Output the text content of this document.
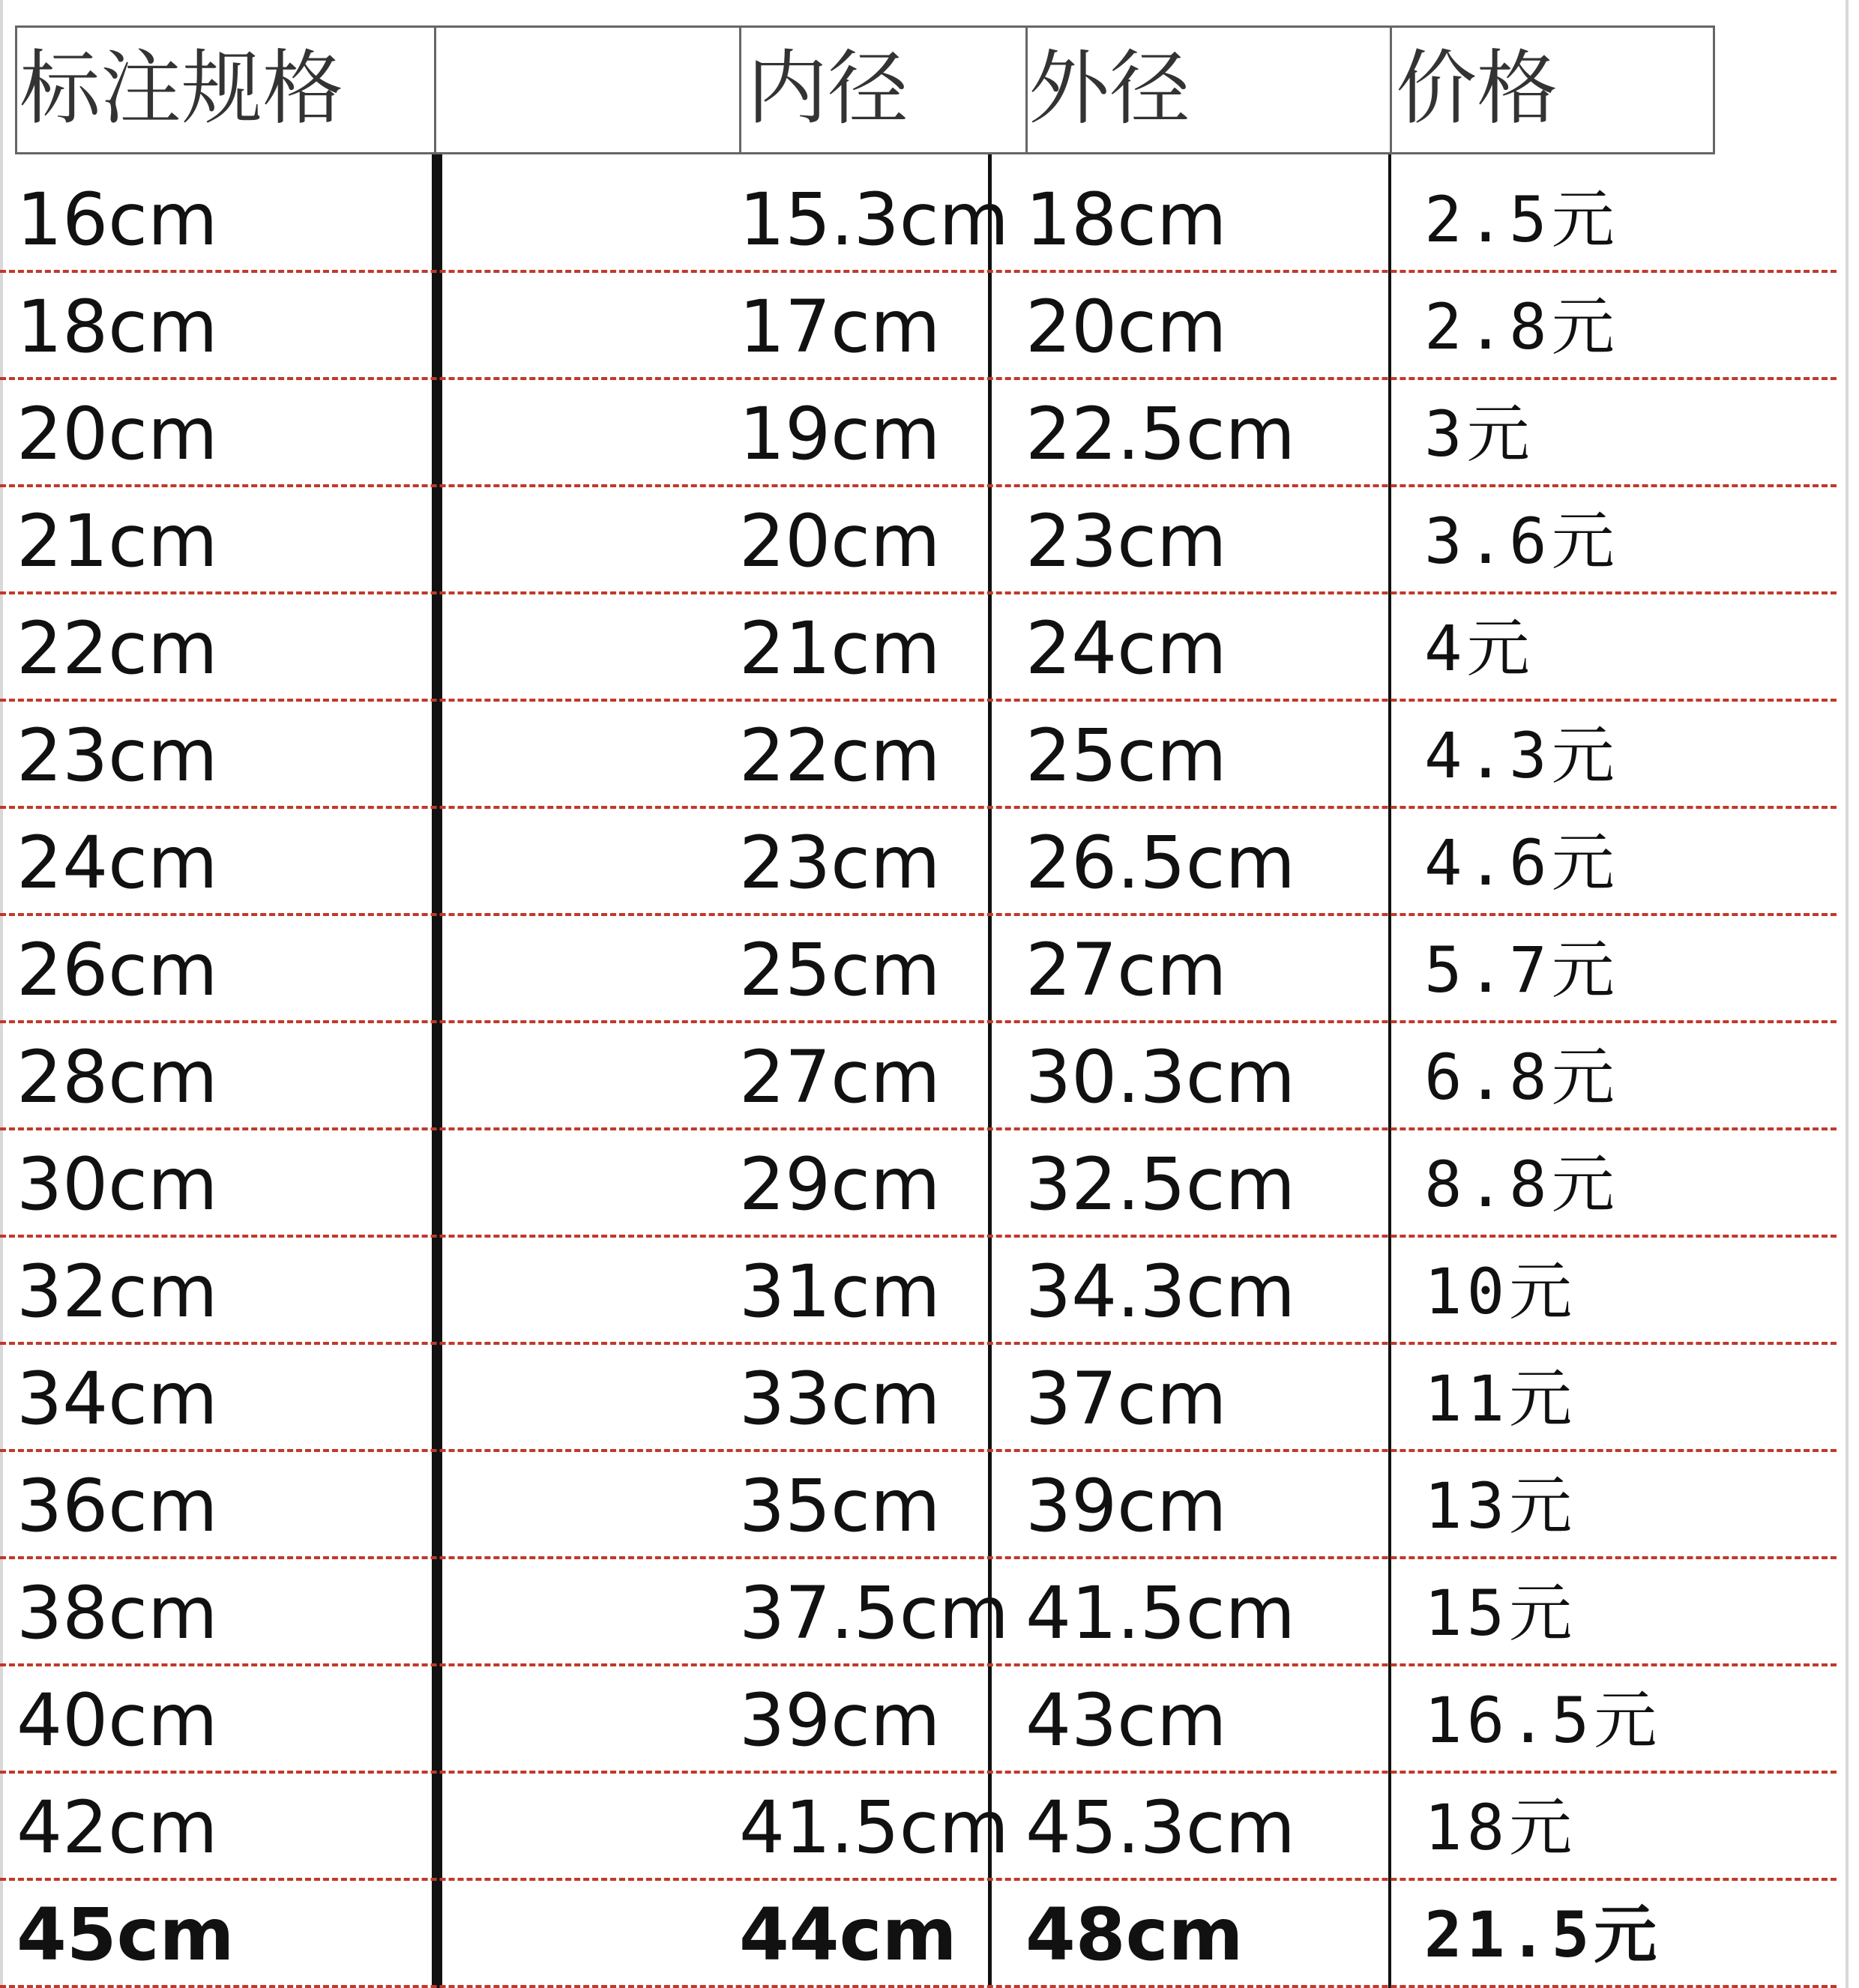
标注规格	内径 外径	价格
16cm	15.3cm 18cm	2.5元
18cm	17cm 20cm	2.8元
20cm	19cm 22.5cm 3元
21cm	20cm 23cm	3.6元
22cm	21cm 24cm	4元
23cm	22cm 25cm	4.3元
24cm	23cm 26.5cm 4.6元
26cm	25cm 27cm	5.7元
28cm	27cm 30.3cm 6.8元
30cm	29cm 32.5cm 8.8元
32cm	31cm 34.3cm 10元
34cm	33cm 37cm	11元
36cm	35cm 39cm	13元
38cm	37.5cm 41.5cm 15元
40cm	39cm 43cm	16.5元
42cm	41.5cm 45.3cm 18元
45cm	44cm 48cm	21.5元
